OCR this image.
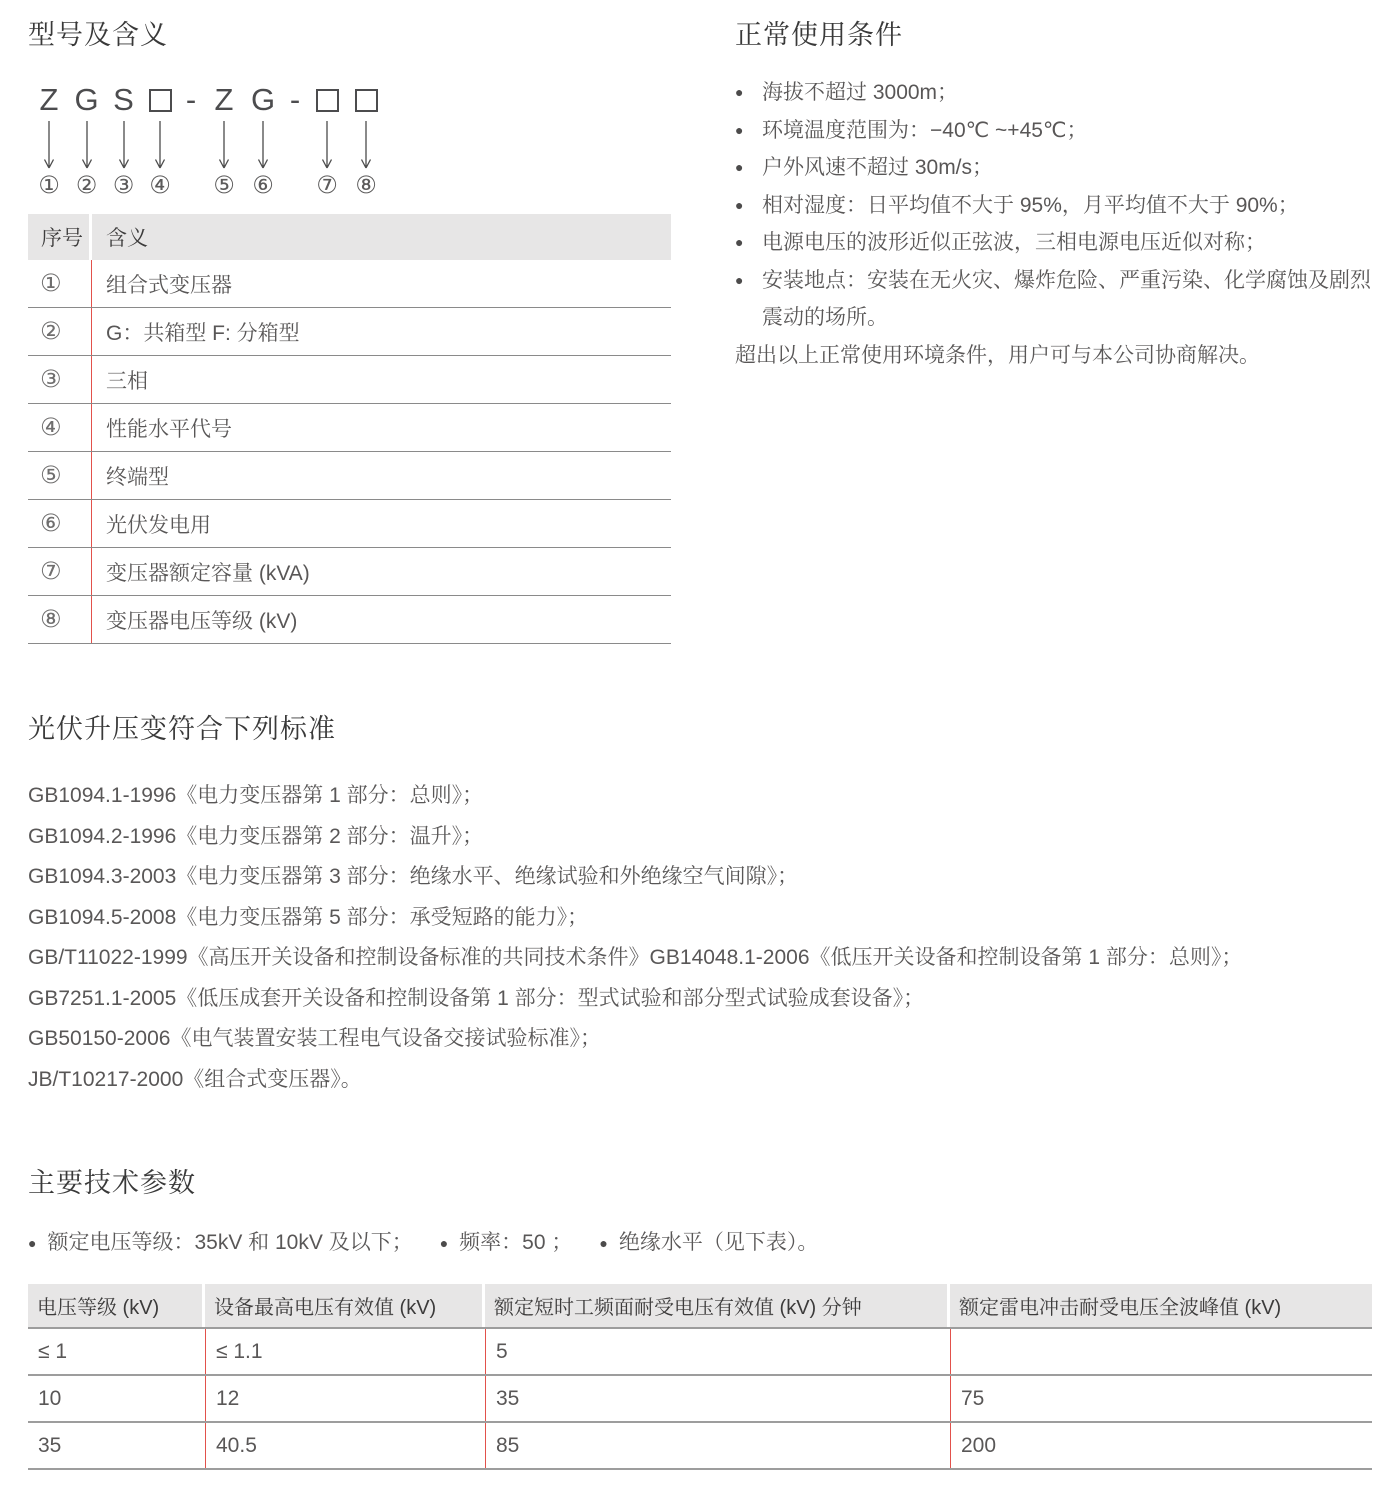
型号及含义
Z G S - Z G -
① ② ③ ④	⑤ ⑥	⑦ ⑧
序号	含义
①	组合式变压器
②	G：共箱型 F: 分箱型
③	三相
④	性能水平代号
⑤	终端型
⑥	光伏发电用
⑦	变压器额定容量 (kVA)
⑧	变压器电压等级 (kV)
正常使用条件
● 海拔不超过 3000m；
● 环境温度范围为：−40℃ ~+45℃；
● 户外风速不超过 30m/s；
● 相对湿度：日平均值不大于 95%，月平均值不大于 90%；
● 电源电压的波形近似正弦波，三相电源电压近似对称；
● 安装地点：安装在无火灾、爆炸危险、严重污染、化学腐蚀及剧烈震动的场所。
超出以上正常使用环境条件，用户可与本公司协商解决。
光伏升压变符合下列标准

GB1094.1-1996《电力变压器第 1 部分：总则》；

GB1094.2-1996《电力变压器第 2 部分：温升》；

GB1094.3-2003《电力变压器第 3 部分：绝缘水平、绝缘试验和外绝缘空气间隙》；

GB1094.5-2008《电力变压器第 5 部分：承受短路的能力》；

GB/T11022-1999《高压开关设备和控制设备标准的共同技术条件》GB14048.1-2006《低压开关设备和控制设备第 1 部分：总则》；

GB7251.1-2005《低压成套开关设备和控制设备第 1 部分：型式试验和部分型式试验成套设备》；

GB50150-2006《电气装置安装工程电气设备交接试验标准》；

JB/T10217-2000《组合式变压器》。

主要技术参数
● 额定电压等级：35kV 和 10kV 及以下； ● 频率：50 ； ● 绝缘水平（见下表）。
电压等级 (kV)	设备最高电压有效值 (kV)	额定短时工频面耐受电压有效值 (kV) 分钟	额定雷电冲击耐受电压全波峰值 (kV)
≤ 1	≤ 1.1	5
10	12	35	75
35	40.5	85	200
